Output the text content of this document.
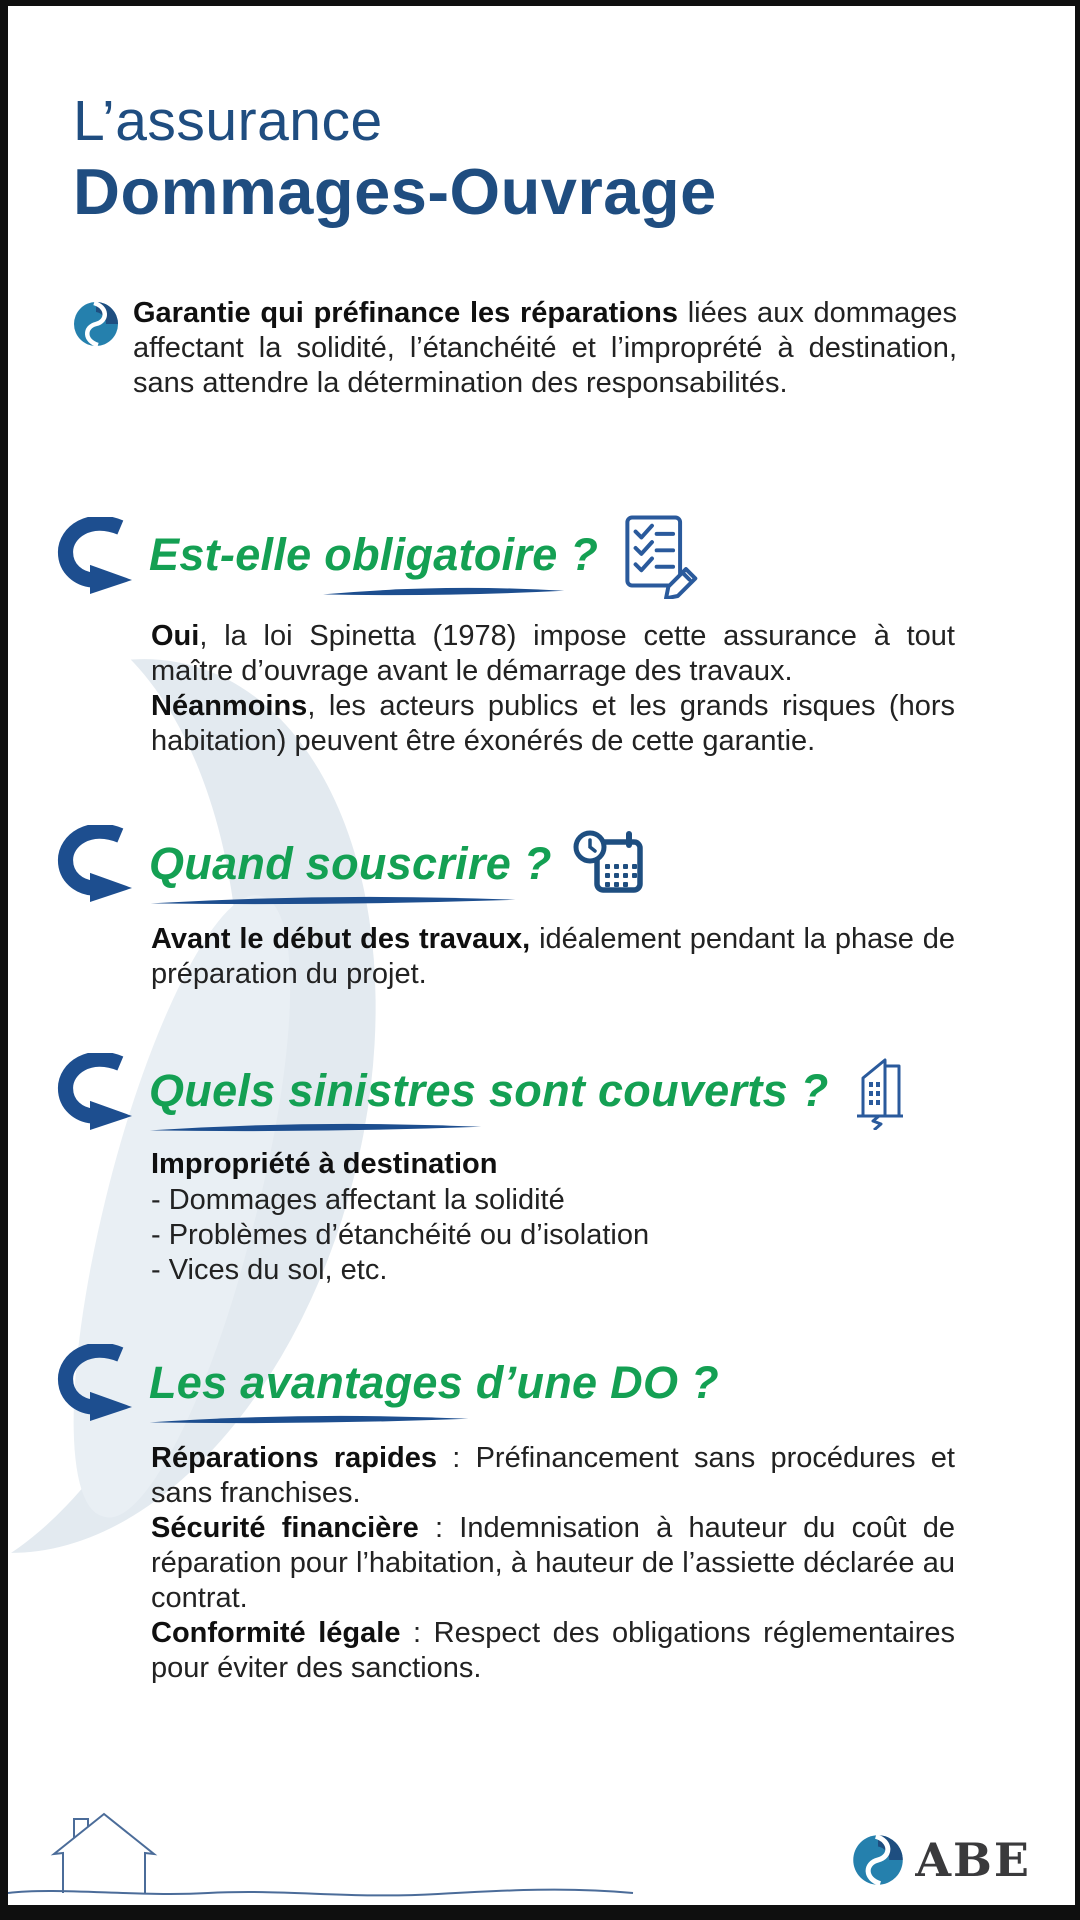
L’assurance
Dommages-Ouvrage

Garantie qui préfinance les réparations liées aux dommages affectant la solidité, l’étanchéité et l’improprété à destination, sans attendre la détermination des responsabilités.

Est-elle obligatoire
?

Oui, la loi Spinetta (1978) impose cette assurance à tout maître d’ouvrage avant le démarrage des travaux.

Néanmoins, les acteurs publics et les grands risques (hors habitation) peuvent être éxonérés de cette garantie.

Quand souscrire
?

Avant le début des travaux, idéalement pendant la phase de préparation du projet.

Quels sinistres
sont couverts ?

Impropriété à destination

- Dommages affectant la solidité
- Problèmes d’étanchéité ou d’isolation
- Vices du sol, etc.
Les avantages
d’une DO ?

Réparations rapides : Préfinancement sans procédures et sans franchises.

Sécurité financière : Indemnisation à hauteur du coût de réparation pour l’habitation, à hauteur de l’assiette déclarée au contrat.

Conformité légale : Respect des obligations réglementaires pour éviter des sanctions.

ABE
